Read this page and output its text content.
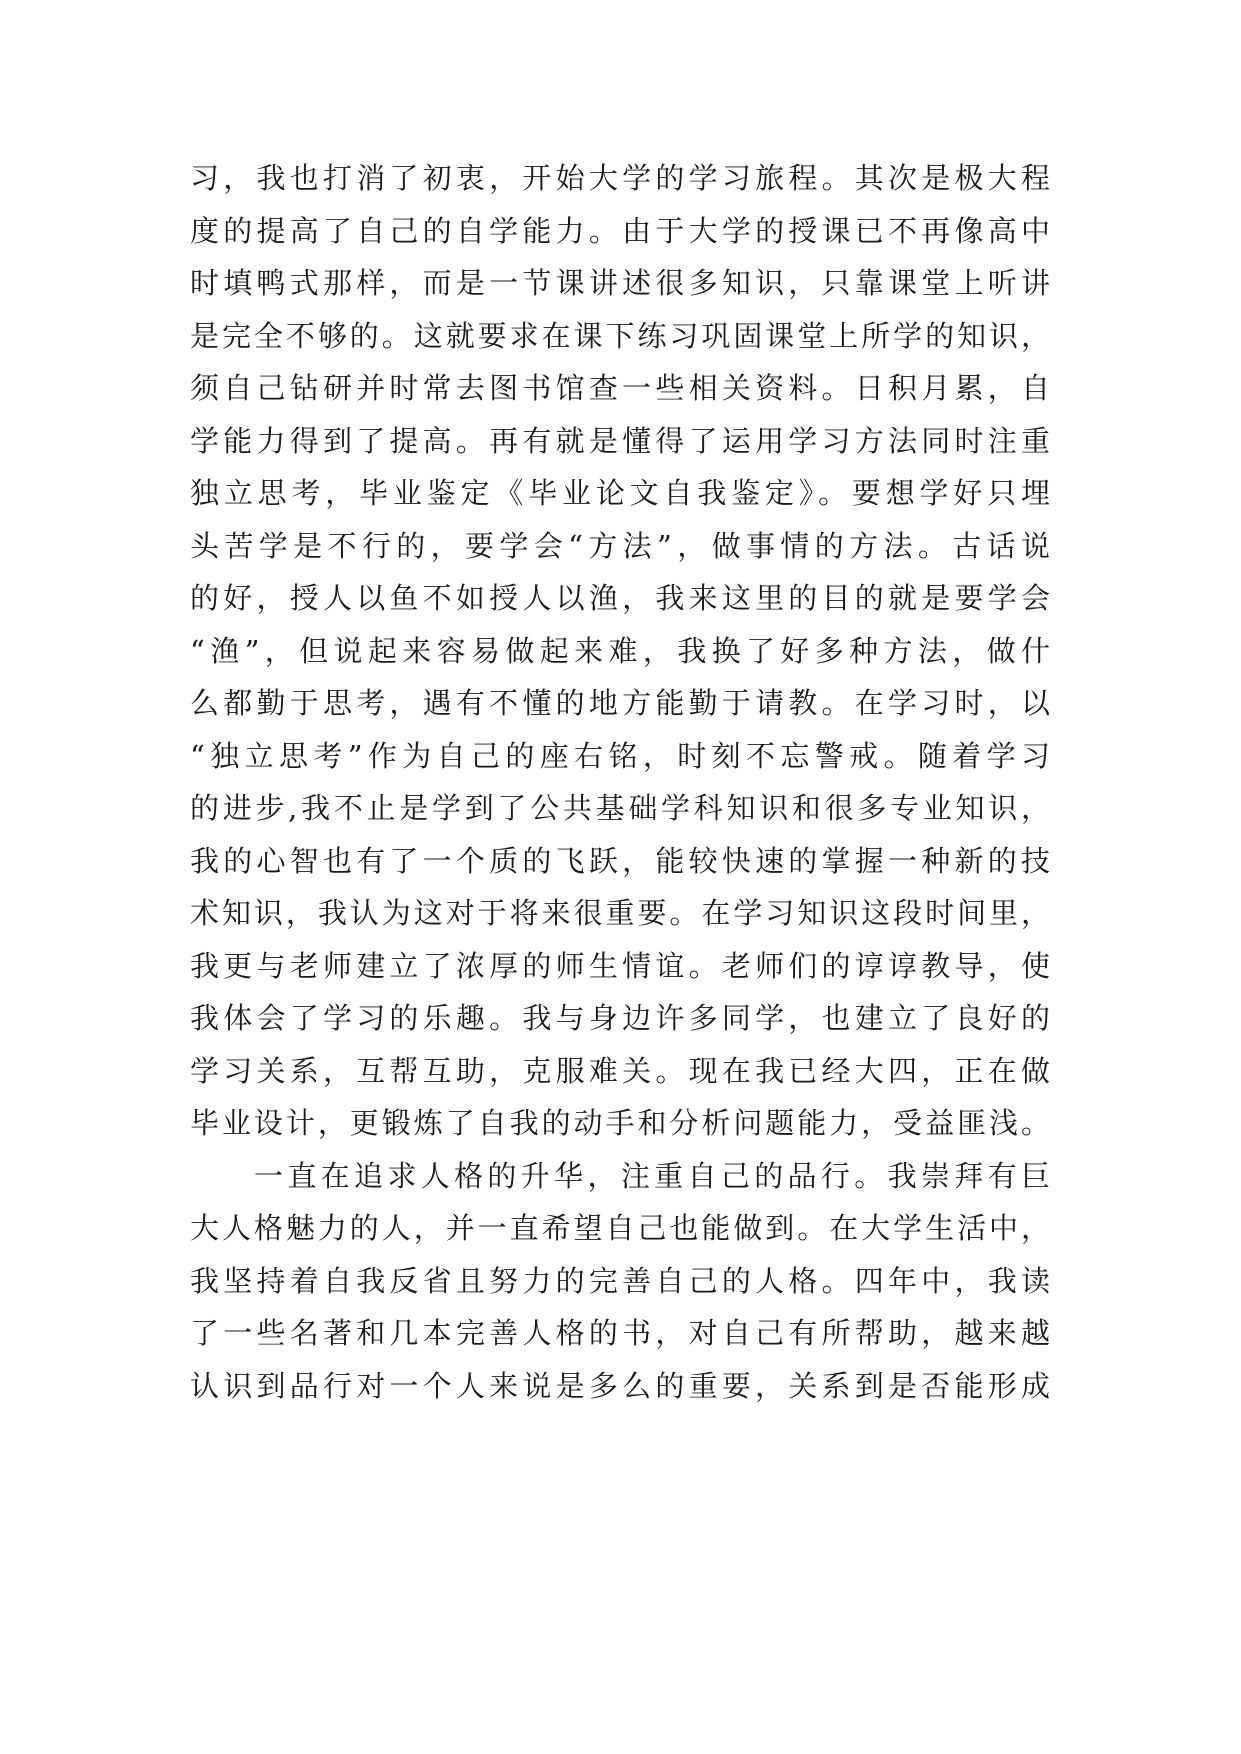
习，我也打消了初衷，开始大学的学习旅程。其次是极大程
度的提高了自己的自学能力。由于大学的授课已不再像高中
时填鸭式那样，而是一节课讲述很多知识，只靠课堂上听讲
是完全不够的。这就要求在课下练习巩固课堂上所学的知识，
须自己钻研并时常去图书馆查一些相关资料。日积月累，自
学能力得到了提高。再有就是懂得了运用学习方法同时注重
独立思考，毕业鉴定《毕业论文自我鉴定》。要想学好只埋
头苦学是不行的，要学会“方法”，做事情的方法。古话说
的好，授人以鱼不如授人以渔，我来这里的目的就是要学会
“渔”，但说起来容易做起来难，我换了好多种方法，做什
么都勤于思考，遇有不懂的地方能勤于请教。在学习时，以
“独立思考”作为自己的座右铭，时刻不忘警戒。随着学习
的进步,我不止是学到了公共基础学科知识和很多专业知识，
我的心智也有了一个质的飞跃，能较快速的掌握一种新的技
术知识，我认为这对于将来很重要。在学习知识这段时间里，
我更与老师建立了浓厚的师生情谊。老师们的谆谆教导，使
我体会了学习的乐趣。我与身边许多同学，也建立了良好的
学习关系，互帮互助，克服难关。现在我已经大四，正在做
毕业设计，更锻炼了自我的动手和分析问题能力，受益匪浅。
一直在追求人格的升华，注重自己的品行。我崇拜有巨
大人格魅力的人，并一直希望自己也能做到。在大学生活中，
我坚持着自我反省且努力的完善自己的人格。四年中，我读
了一些名著和几本完善人格的书，对自己有所帮助，越来越
认识到品行对一个人来说是多么的重要，关系到是否能形成
